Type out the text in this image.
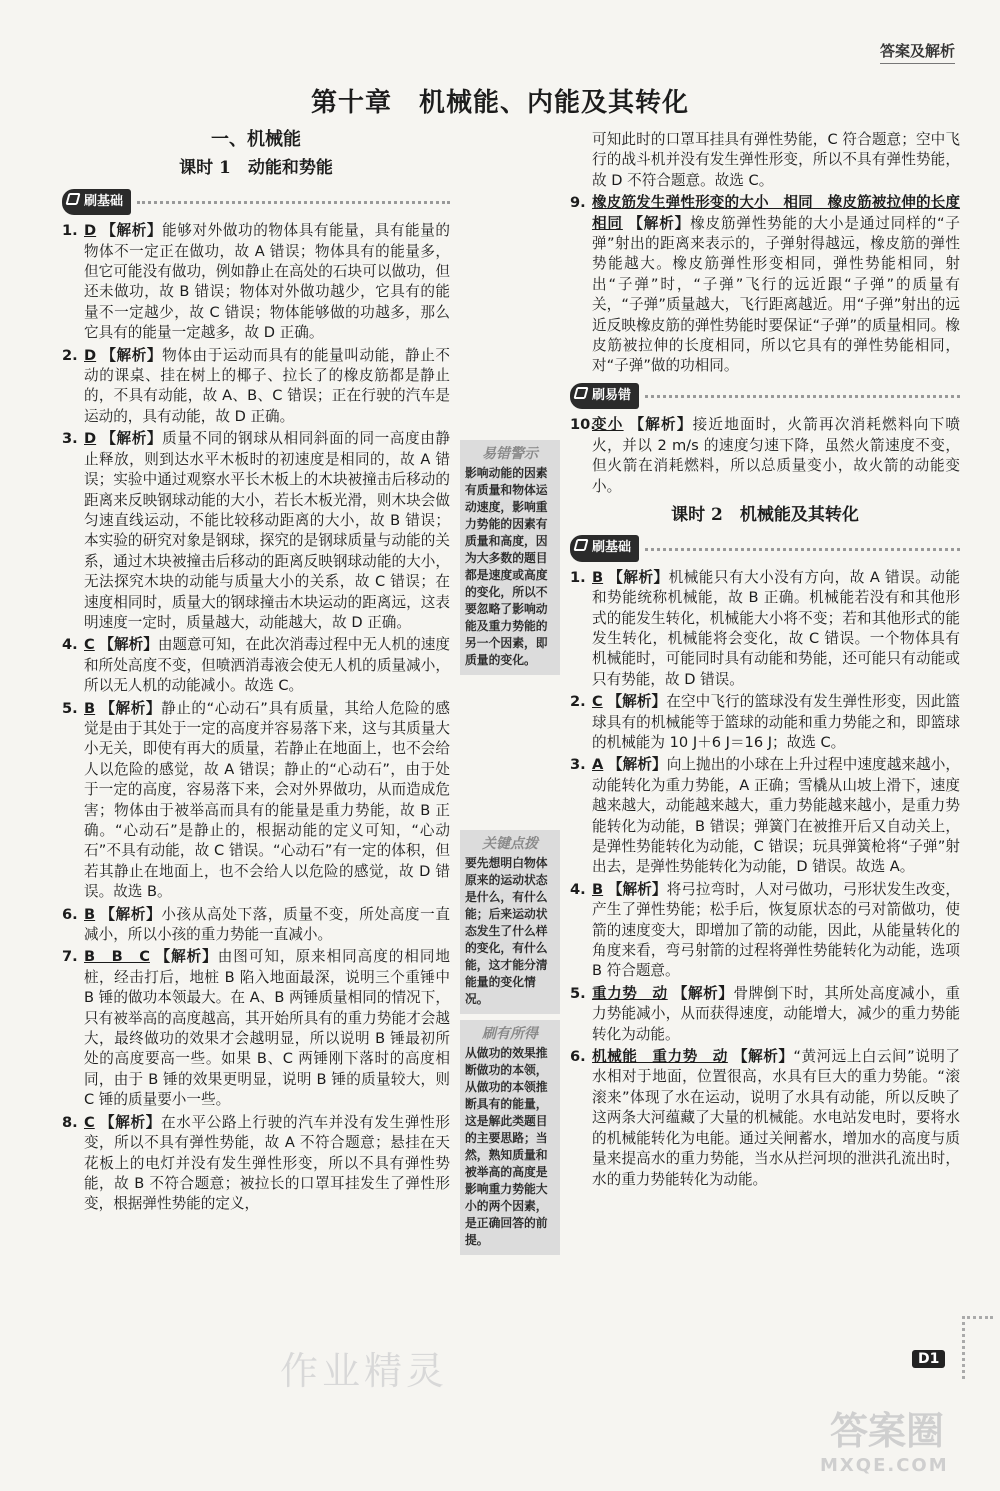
答案及解析
第十章　机械能、内能及其转化
一、机械能
课时 1　动能和势能
刷基础
1. D 【解析】能够对外做功的物体具有能量，具有能量的物体不一定正在做功，故 A 错误；物体具有的能量多，但它可能没有做功，例如静止在高处的石块可以做功，但还未做功，故 B 错误；物体对外做功越少，它具有的能量不一定越少，故 C 错误；物体能够做的功越多，那么它具有的能量一定越多，故 D 正确。

2. D 【解析】物体由于运动而具有的能量叫动能，静止不动的课桌、挂在树上的椰子、拉长了的橡皮筋都是静止的，不具有动能，故 A、B、C 错误；正在行驶的汽车是运动的，具有动能，故 D 正确。

3. D 【解析】质量不同的钢球从相同斜面的同一高度由静止释放，则到达水平木板时的初速度是相同的，故 A 错误；实验中通过观察水平长木板上的木块被撞击后移动的距离来反映钢球动能的大小，若长木板光滑，则木块会做匀速直线运动，不能比较移动距离的大小，故 B 错误；本实验的研究对象是钢球，探究的是钢球质量与动能的关系，通过木块被撞击后移动的距离反映钢球动能的大小，无法探究木块的动能与质量大小的关系，故 C 错误；在速度相同时，质量大的钢球撞击木块运动的距离远，这表明速度一定时，质量越大，动能越大，故 D 正确。

4. C 【解析】由题意可知，在此次消毒过程中无人机的速度和所处高度不变，但喷洒消毒液会使无人机的质量减小，所以无人机的动能减小。故选 C。

5. B 【解析】静止的“心动石”具有质量，其给人危险的感觉是由于其处于一定的高度并容易落下来，这与其质量大小无关，即使有再大的质量，若静止在地面上，也不会给人以危险的感觉，故 A 错误；静止的“心动石”，由于处于一定的高度，容易落下来，会对外界做功，从而造成危害；物体由于被举高而具有的能量是重力势能，故 B 正确。“心动石”是静止的，根据动能的定义可知，“心动石”不具有动能，故 C 错误。“心动石”有一定的体积，但若其静止在地面上，也不会给人以危险的感觉，故 D 错误。故选 B。

6. B 【解析】小孩从高处下落，质量不变，所处高度一直减小，所以小孩的重力势能一直减小。

7. B　B　C 【解析】由图可知，原来相同高度的相同地桩，经击打后，地桩 B 陷入地面最深，说明三个重锤中 B 锤的做功本领最大。在 A、B 两锤质量相同的情况下，只有被举高的高度越高，其开始所具有的重力势能才会越大，最终做功的效果才会越明显，所以说明 B 锤最初所处的高度要高一些。如果 B、C 两锤刚下落时的高度相同，由于 B 锤的效果更明显，说明 B 锤的质量较大，则 C 锤的质量要小一些。

8. C 【解析】在水平公路上行驶的汽车并没有发生弹性形变，所以不具有弹性势能，故 A 不符合题意；悬挂在天花板上的电灯并没有发生弹性形变，所以不具有弹性势能，故 B 不符合题意；被拉长的口罩耳挂发生了弹性形变，根据弹性势能的定义，

可知此时的口罩耳挂具有弹性势能，C 符合题意；空中飞行的战斗机并没有发生弹性形变，所以不具有弹性势能，故 D 不符合题意。故选 C。

9. 橡皮筋发生弹性形变的大小　相同　橡皮筋被拉伸的长度相同 【解析】橡皮筋弹性势能的大小是通过同样的“子弹”射出的距离来表示的，子弹射得越远，橡皮筋的弹性势能越大。橡皮筋弹性形变相同，弹性势能相同，射出“子弹”时，“子弹”飞行的远近跟“子弹”的质量有关，“子弹”质量越大，飞行距离越近。用“子弹”射出的远近反映橡皮筋的弹性势能时要保证“子弹”的质量相同。橡皮筋被拉伸的长度相同，所以它具有的弹性势能相同，对“子弹”做的功相同。

刷易错
10.

变小 【解析】接近地面时，火箭再次消耗燃料向下喷火，并以 2 m/s 的速度匀速下降，虽然火箭速度不变，但火箭在消耗燃料，所以总质量变小，故火箭的动能变小。

课时 2　机械能及其转化
刷基础
1. B 【解析】机械能只有大小没有方向，故 A 错误。动能和势能统称机械能，故 B 正确。机械能若没有和其他形式的能发生转化，机械能大小将不变；若和其他形式的能发生转化，机械能将会变化，故 C 错误。一个物体具有机械能时，可能同时具有动能和势能，还可能只有动能或只有势能，故 D 错误。

2. C 【解析】在空中飞行的篮球没有发生弹性形变，因此篮球具有的机械能等于篮球的动能和重力势能之和，即篮球的机械能为 10 J＋6 J＝16 J；故选 C。

3. A 【解析】向上抛出的小球在上升过程中速度越来越小，动能转化为重力势能，A 正确；雪橇从山坡上滑下，速度越来越大，动能越来越大，重力势能越来越小，是重力势能转化为动能，B 错误；弹簧门在被推开后又自动关上，是弹性势能转化为动能，C 错误；玩具弹簧枪将“子弹”射出去，是弹性势能转化为动能，D 错误。故选 A。

4. B 【解析】将弓拉弯时，人对弓做功，弓形状发生改变，产生了弹性势能；松手后，恢复原状态的弓对箭做功，使箭的速度变大，即增加了箭的动能，因此，从能量转化的角度来看，弯弓射箭的过程将弹性势能转化为动能，选项 B 符合题意。

5. 重力势　动 【解析】骨牌倒下时，其所处高度减小，重力势能减小，从而获得速度，动能增大，减少的重力势能转化为动能。

6. 机械能　重力势　动 【解析】“黄河远上白云间”说明了水相对于地面，位置很高，水具有巨大的重力势能。“滚滚来”体现了水在运动，说明了水具有动能，所以反映了这两条大河蕴藏了大量的机械能。水电站发电时，要将水的机械能转化为电能。通过关闸蓄水，增加水的高度与质量来提高水的重力势能，当水从拦河坝的泄洪孔流出时，水的重力势能转化为动能。

易错警示
影响动能的因素有质量和物体运动速度，影响重力势能的因素有质量和高度，因为大多数的题目都是速度或高度的变化，所以不要忽略了影响动能及重力势能的另一个因素，即质量的变化。
关键点拨
要先想明白物体原来的运动状态是什么，有什么能；后来运动状态发生了什么样的变化，有什么能，这才能分清能量的变化情况。
刷有所得
从做功的效果推断做功的本领，从做功的本领推断具有的能量，这是解此类题目的主要思路；当然，熟知质量和被举高的高度是影响重力势能大小的两个因素，是正确回答的前提。
D1
作业精灵
答案圈
MXQE.COM
